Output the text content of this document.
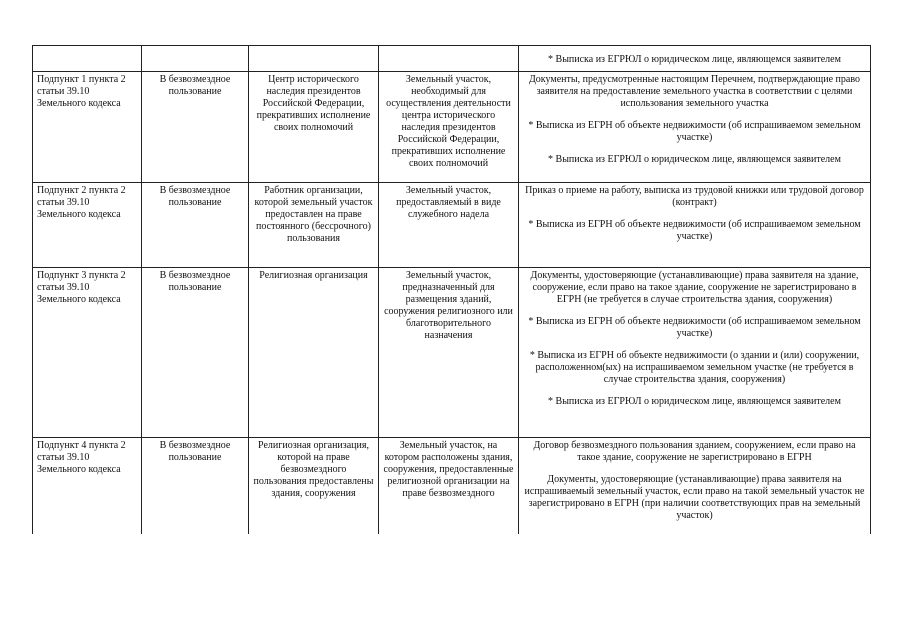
				* Выписка из ЕГРЮЛ о юридическом лице, являющемся заявителем

Подпункт 1 пункта 2 статьи 39.10 Земельного кодекса	В безвозмездное пользование	Центр исторического наследия президентов Российской Федерации, прекративших исполнение своих полномочий	Земельный участок, необходимый для осуществления деятельности центра исторического наследия президентов Российской Федерации, прекративших исполнение своих полномочий	Документы, предусмотренные настоящим Перечнем, подтверждающие право заявителя на предоставление земельного участка в соответствии с целями использования земельного участка

* Выписка из ЕГРН об объекте недвижимости (об испрашиваемом земельном участке)

* Выписка из ЕГРЮЛ о юридическом лице, являющемся заявителем

Подпункт 2 пункта 2 статьи 39.10 Земельного кодекса	В безвозмездное пользование	Работник организации, которой земельный участок предоставлен на праве постоянного (бессрочного) пользования	Земельный участок, предоставляемый в виде служебного надела	Приказ о приеме на работу, выписка из трудовой книжки или трудовой договор (контракт)

* Выписка из ЕГРН об объекте недвижимости (об испрашиваемом земельном участке)

Подпункт 3 пункта 2 статьи 39.10 Земельного кодекса	В безвозмездное пользование	Религиозная организация	Земельный участок, предназначенный для размещения зданий, сооружения религиозного или благотворительного назначения	Документы, удостоверяющие (устанавливающие) права заявителя на здание, сооружение, если право на такое здание, сооружение не зарегистрировано в ЕГРН (не требуется в случае строительства здания, сооружения)

* Выписка из ЕГРН об объекте недвижимости (об испрашиваемом земельном участке)

* Выписка из ЕГРН об объекте недвижимости (о здании и (или) сооружении, расположенном(ых) на испрашиваемом земельном участке (не требуется в случае строительства здания, сооружения)

* Выписка из ЕГРЮЛ о юридическом лице, являющемся заявителем

Подпункт 4 пункта 2 статьи 39.10 Земельного кодекса	В безвозмездное пользование	Религиозная организация, которой на праве безвозмездного пользования предоставлены здания, сооружения	Земельный участок, на котором расположены здания, сооружения, предоставленные религиозной организации на праве безвозмездного	Договор безвозмездного пользования зданием, сооружением, если право на такое здание, сооружение не зарегистрировано в ЕГРН

Документы, удостоверяющие (устанавливающие) права заявителя на испрашиваемый земельный участок, если право на такой земельный участок не зарегистрировано в ЕГРН (при наличии соответствующих прав на земельный участок)
